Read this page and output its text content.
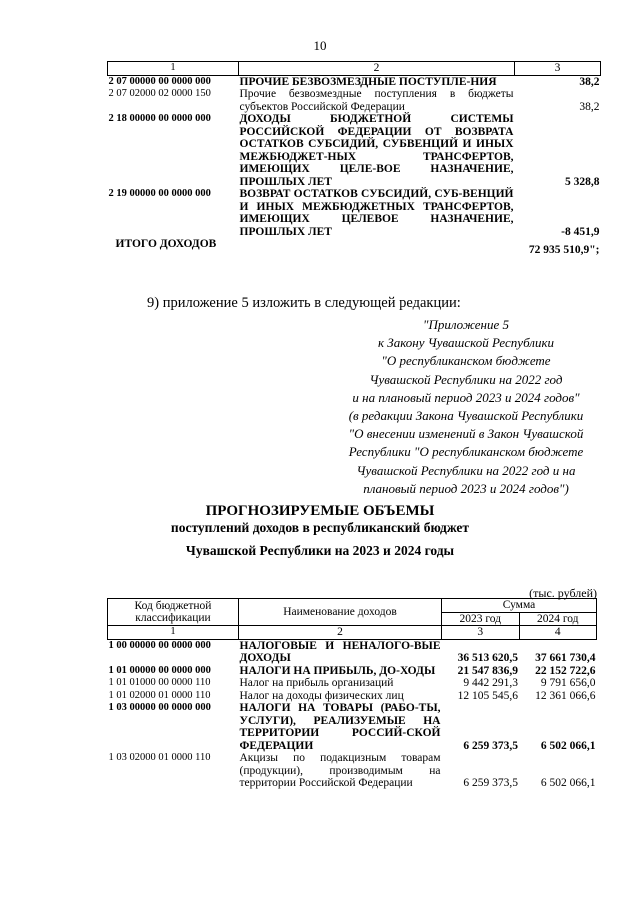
10
1	2	3
2 07 00000 00 0000 000	ПРОЧИЕ БЕЗВОЗМЕЗДНЫЕ ПОСТУПЛЕ-НИЯ	38,2
2 07 02000 02 0000 150	Прочие безвозмездные поступления в бюджеты субъектов Российской Федерации	38,2
2 18 00000 00 0000 000	ДОХОДЫ БЮДЖЕТНОЙ СИСТЕМЫ РОССИЙСКОЙ ФЕДЕРАЦИИ ОТ ВОЗВРАТА ОСТАТКОВ СУБСИДИЙ, СУБВЕНЦИЙ И ИНЫХ МЕЖБЮДЖЕТ-НЫХ ТРАНСФЕРТОВ, ИМЕЮЩИХ ЦЕЛЕ-ВОЕ НАЗНАЧЕНИЕ, ПРОШЛЫХ ЛЕТ	5 328,8
2 19 00000 00 0000 000	ВОЗВРАТ ОСТАТКОВ СУБСИДИЙ, СУБ-ВЕНЦИЙ И ИНЫХ МЕЖБЮДЖЕТНЫХ ТРАНСФЕРТОВ, ИМЕЮЩИХ ЦЕЛЕВОЕ НАЗНАЧЕНИЕ, ПРОШЛЫХ ЛЕТ	-8 451,9
ИТОГО ДОХОДОВ		72 935 510,9";
9) приложение 5 изложить в следующей редакции:
"Приложение 5
к Закону Чувашской Республики
"О республиканском бюджете
Чувашской Республики на 2022 год
и на плановый период 2023 и 2024 годов"
(в редакции Закона Чувашской Республики
"О внесении изменений в Закон Чувашской
Республики "О республиканском бюджете
Чувашской Республики на 2022 год и на
плановый период 2023 и 2024 годов")
ПРОГНОЗИРУЕМЫЕ ОБЪЕМЫ
поступлений доходов в республиканский бюджет
Чувашской Республики на 2023 и 2024 годы
(тыс. рублей)
Код бюджетной классификации	Наименование доходов	Сумма	
		2023 год	2024 год
1	2	3	4
1 00 00000 00 0000 000	НАЛОГОВЫЕ И НЕНАЛОГО-ВЫЕ ДОХОДЫ	36 513 620,5	37 661 730,4
1 01 00000 00 0000 000	НАЛОГИ НА ПРИБЫЛЬ, ДО-ХОДЫ	21 547 836,9	22 152 722,6
1 01 01000 00 0000 110	Налог на прибыль организаций	9 442 291,3	9 791 656,0
1 01 02000 01 0000 110	Налог на доходы физических лиц	12 105 545,6	12 361 066,6
1 03 00000 00 0000 000	НАЛОГИ НА ТОВАРЫ (РАБО-ТЫ, УСЛУГИ), РЕАЛИЗУЕМЫЕ НА ТЕРРИТОРИИ РОССИЙ-СКОЙ ФЕДЕРАЦИИ	6 259 373,5	6 502 066,1
1 03 02000 01 0000 110	Акцизы по подакцизным товарам (продукции), производимым на территории Российской Федерации	6 259 373,5	6 502 066,1
